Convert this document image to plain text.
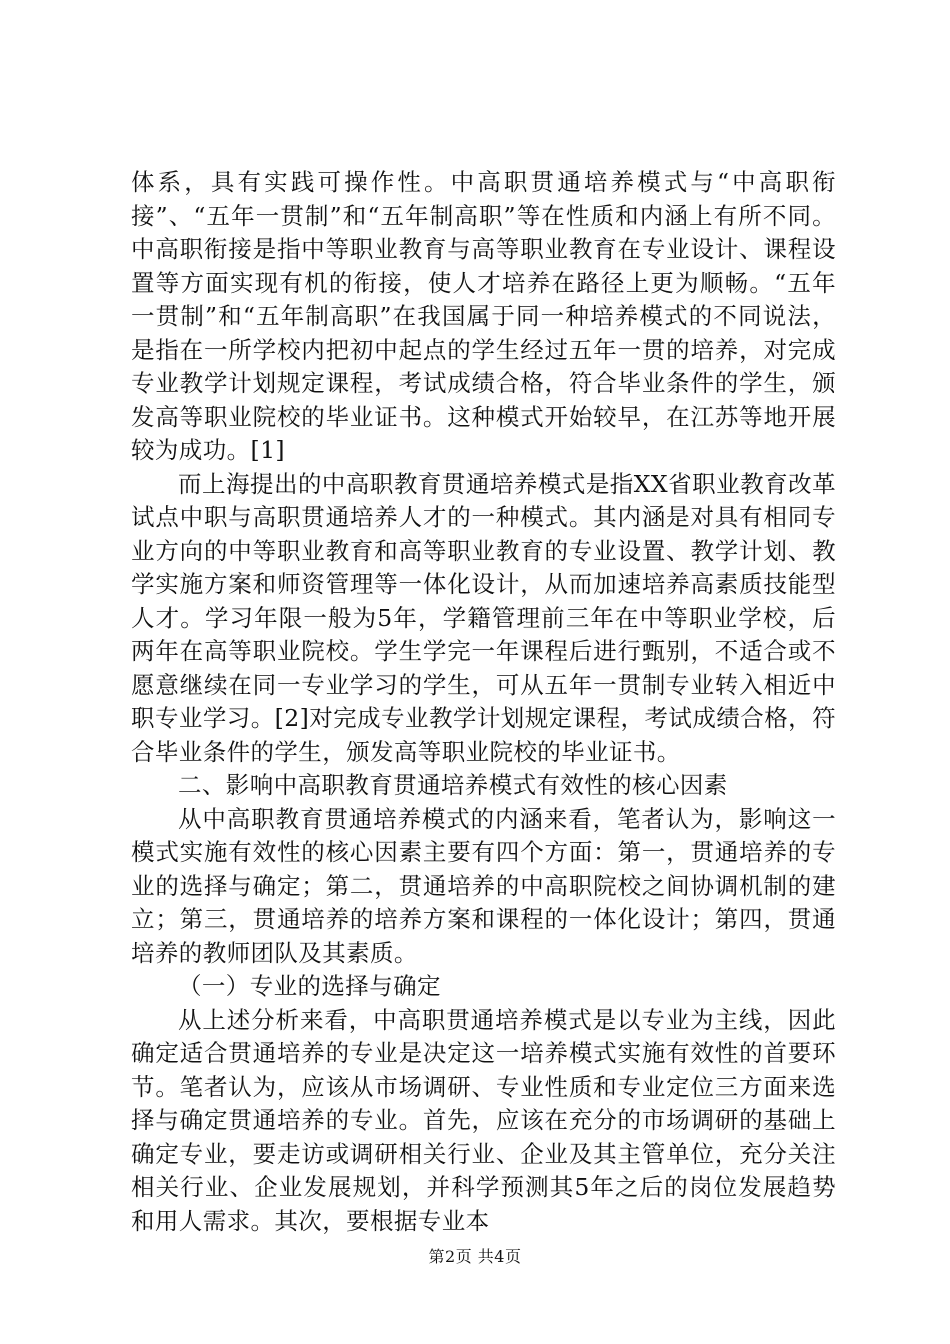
体系，具有实践可操作性。中高职贯通培养模式与“中高职衔接”、“五年一贯制”和“五年制高职”等在性质和内涵上有所不同。中高职衔接是指中等职业教育与高等职业教育在专业设计、课程设置等方面实现有机的衔接，使人才培养在路径上更为顺畅。“五年一贯制”和“五年制高职”在我国属于同一种培养模式的不同说法，是指在一所学校内把初中起点的学生经过五年一贯的培养，对完成专业教学计划规定课程，考试成绩合格，符合毕业条件的学生，颁发高等职业院校的毕业证书。这种模式开始较早，在江苏等地开展较为成功。[1]

而上海提出的中高职教育贯通培养模式是指XX省职业教育改革试点中职与高职贯通培养人才的一种模式。其内涵是对具有相同专业方向的中等职业教育和高等职业教育的专业设置、教学计划、教学实施方案和师资管理等一体化设计，从而加速培养高素质技能型人才。学习年限一般为5年，学籍管理前三年在中等职业学校，后两年在高等职业院校。学生学完一年课程后进行甄别，不适合或不愿意继续在同一专业学习的学生，可从五年一贯制专业转入相近中职专业学习。[2]对完成专业教学计划规定课程，考试成绩合格，符合毕业条件的学生，颁发高等职业院校的毕业证书。

二、影响中高职教育贯通培养模式有效性的核心因素

从中高职教育贯通培养模式的内涵来看，笔者认为，影响这一模式实施有效性的核心因素主要有四个方面：第一，贯通培养的专业的选择与确定；第二，贯通培养的中高职院校之间协调机制的建立；第三，贯通培养的培养方案和课程的一体化设计；第四，贯通培养的教师团队及其素质。

（一）专业的选择与确定

从上述分析来看，中高职贯通培养模式是以专业为主线，因此确定适合贯通培养的专业是决定这一培养模式实施有效性的首要环节。笔者认为，应该从市场调研、专业性质和专业定位三方面来选择与确定贯通培养的专业。首先，应该在充分的市场调研的基础上确定专业，要走访或调研相关行业、企业及其主管单位，充分关注相关行业、企业发展规划，并科学预测其5年之后的岗位发展趋势和用人需求。其次，要根据专业本

第2页 共4页
